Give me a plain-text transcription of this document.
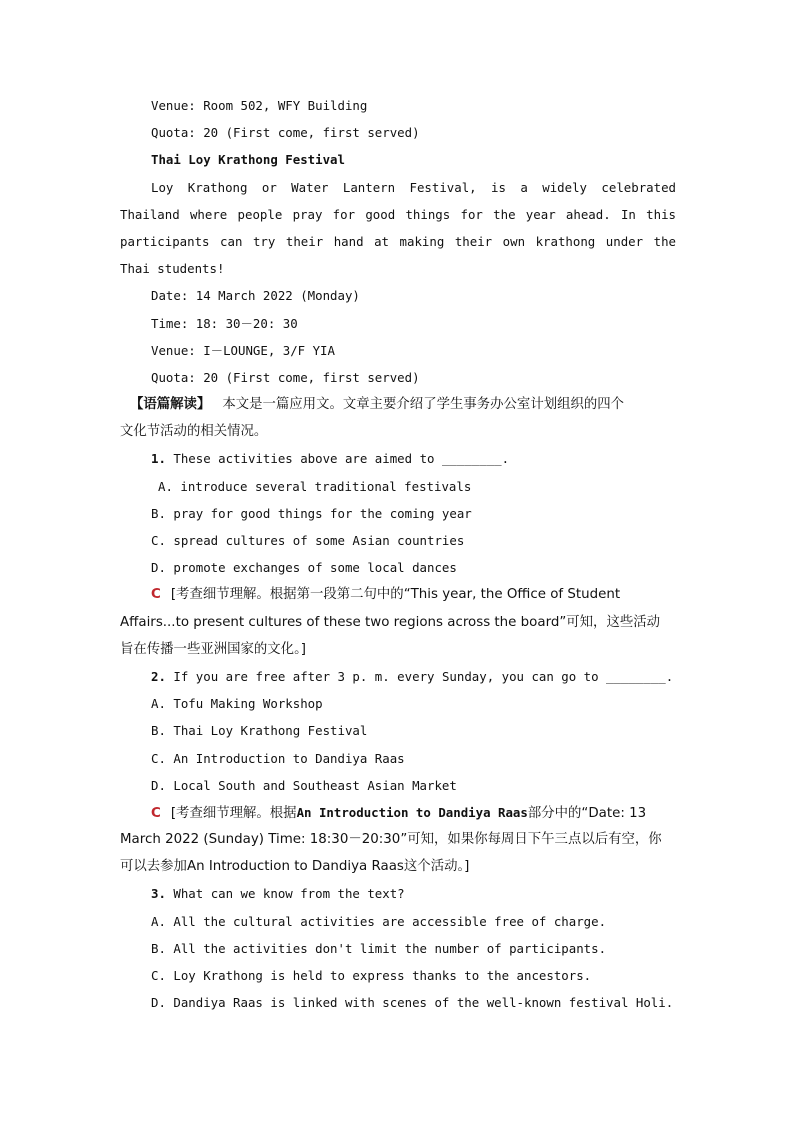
Venue: Room 502, WFY Building
Quota: 20 (First come, first served)
Thai Loy Krathong Festival
Loy Krathong or Water Lantern Festival, is a widely celebrated
Thailand where people pray for good things for the year ahead. In this
participants can try their hand at making their own krathong under the
Thai students!
Date: 14 March 2022 (Monday)
Time: 18: 30－20: 30
Venue: I－LOUNGE, 3/F YIA
Quota: 20 (First come, first served)
【语篇解读】 本文是一篇应用文。文章主要介绍了学生事务办公室计划组织的四个
文化节活动的相关情况。
1. These activities above are aimed to ________.
A. introduce several traditional festivals
B. pray for good things for the coming year
C. spread cultures of some Asian countries
D. promote exchanges of some local dances
C [考查细节理解。根据第一段第二句中的“This year, the Office of Student
Affairs...to present cultures of these two regions across the board”可知，这些活动
旨在传播一些亚洲国家的文化。]
2. If you are free after 3 p. m. every Sunday, you can go to ________.
A. Tofu Making Workshop
B. Thai Loy Krathong Festival
C. An Introduction to Dandiya Raas
D. Local South and Southeast Asian Market
C [考查细节理解。根据An Introduction to Dandiya Raas部分中的“Date: 13
March 2022 (Sunday) Time: 18:30－20:30”可知，如果你每周日下午三点以后有空，你
可以去参加An Introduction to Dandiya Raas这个活动。]
3. What can we know from the text?
A. All the cultural activities are accessible free of charge.
B. All the activities don't limit the number of participants.
C. Loy Krathong is held to express thanks to the ancestors.
D. Dandiya Raas is linked with scenes of the well-known festival Holi.
